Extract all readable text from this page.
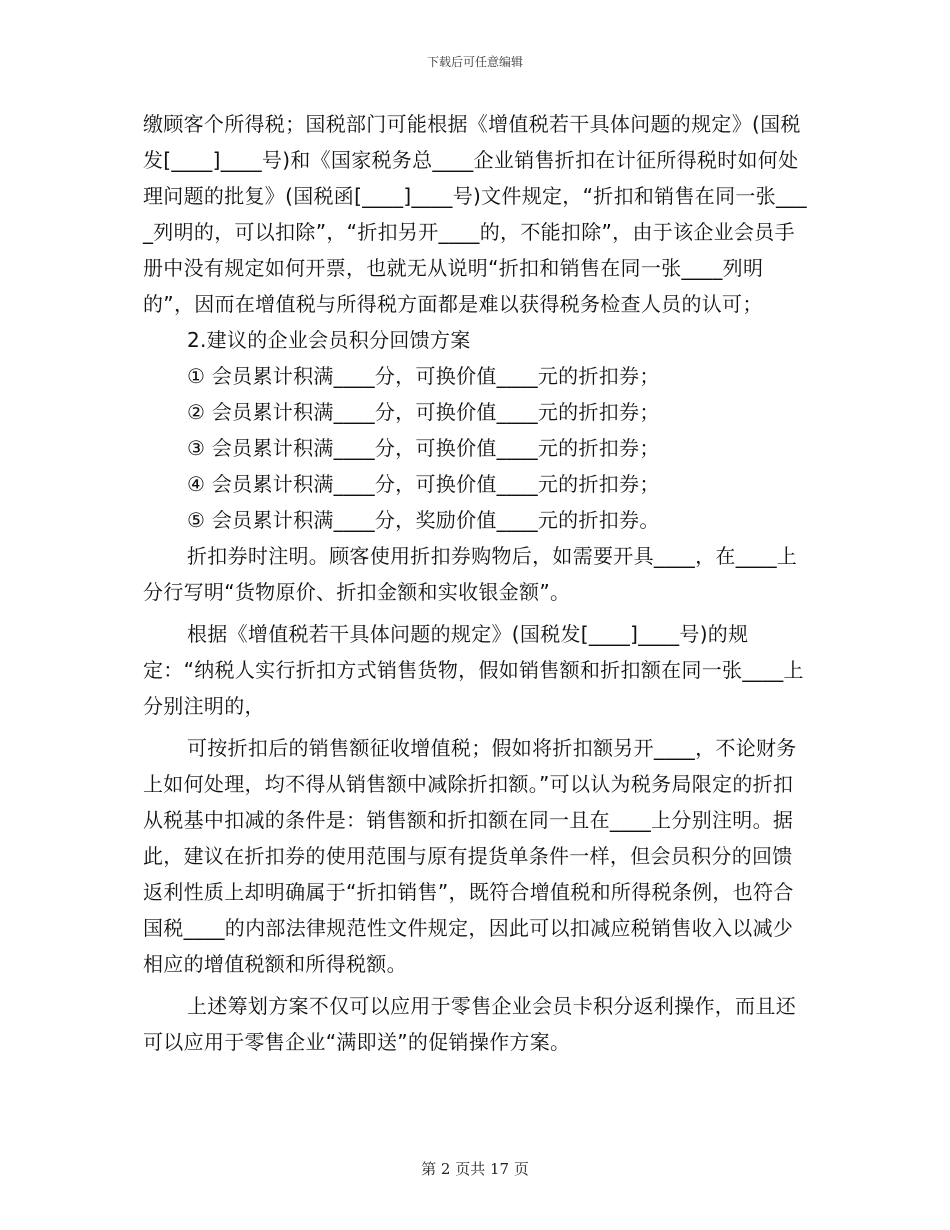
下载后可任意编辑

缴顾客个所得税；国税部门可能根据《增值税若干具体问题的规定》(国税发[____]____号)和《国家税务总____企业销售折扣在计征所得税时如何处理问题的批复》(国税函[____]____号)文件规定，“折扣和销售在同一张____列明的，可以扣除”，“折扣另开____的，不能扣除”，由于该企业会员手册中没有规定如何开票，也就无从说明“折扣和销售在同一张____列明的”，因而在增值税与所得税方面都是难以获得税务检查人员的认可；

2.建议的企业会员积分回馈方案

① 会员累计积满____分，可换价值____元的折扣券；

② 会员累计积满____分，可换价值____元的折扣券；

③ 会员累计积满____分，可换价值____元的折扣券；

④ 会员累计积满____分，可换价值____元的折扣券；

⑤ 会员累计积满____分，奖励价值____元的折扣券。

折扣券时注明。顾客使用折扣券购物后，如需要开具____，在____上分行写明“货物原价、折扣金额和实收银金额”。

根据《增值税若干具体问题的规定》(国税发[____]____号)的规定：“纳税人实行折扣方式销售货物，假如销售额和折扣额在同一张____上分别注明的，

可按折扣后的销售额征收增值税；假如将折扣额另开____，不论财务上如何处理，均不得从销售额中减除折扣额。”可以认为税务局限定的折扣从税基中扣减的条件是：销售额和折扣额在同一且在____上分别注明。据此，建议在折扣券的使用范围与原有提货单条件一样，但会员积分的回馈返利性质上却明确属于“折扣销售”，既符合增值税和所得税条例，也符合国税____的内部法律规范性文件规定，因此可以扣减应税销售收入以减少相应的增值税额和所得税额。

上述筹划方案不仅可以应用于零售企业会员卡积分返利操作，而且还可以应用于零售企业“满即送”的促销操作方案。

第 2 页共 17 页
